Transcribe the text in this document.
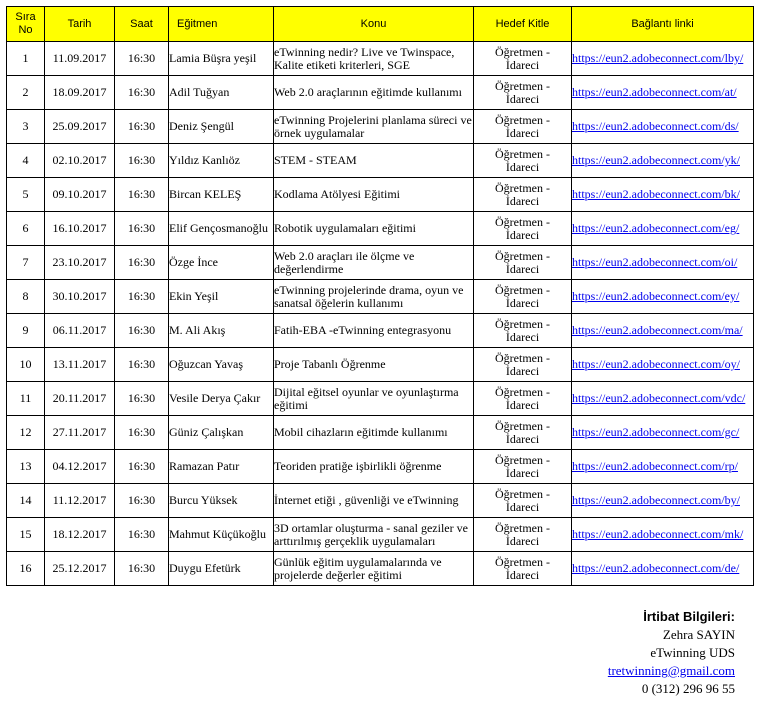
Sıra
No	Tarih	Saat	Eğitmen	Konu	Hedef Kitle	Bağlantı linki
1	11.09.2017	16:30	Lamia Büşra yeşil	eTwinning nedir? Live ve Twinspace, Kalite etiketi kriterleri, SGE	Öğretmen -
İdareci	https://eun2.adobeconnect.com/lby/
2	18.09.2017	16:30	Adil Tuğyan	Web 2.0 araçlarının eğitimde kullanımı	Öğretmen -
İdareci	https://eun2.adobeconnect.com/at/
3	25.09.2017	16:30	Deniz Şengül	eTwinning Projelerini planlama süreci ve örnek uygulamalar	Öğretmen -
İdareci	https://eun2.adobeconnect.com/ds/
4	02.10.2017	16:30	Yıldız Kanlıöz	STEM - STEAM	Öğretmen -
İdareci	https://eun2.adobeconnect.com/yk/
5	09.10.2017	16:30	Bircan KELEŞ	Kodlama Atölyesi Eğitimi	Öğretmen -
İdareci	https://eun2.adobeconnect.com/bk/
6	16.10.2017	16:30	Elif Gençosmanoğlu	Robotik uygulamaları eğitimi	Öğretmen -
İdareci	https://eun2.adobeconnect.com/eg/
7	23.10.2017	16:30	Özge İnce	Web 2.0 araçları ile ölçme ve değerlendirme	Öğretmen -
İdareci	https://eun2.adobeconnect.com/oi/
8	30.10.2017	16:30	Ekin Yeşil	eTwinning projelerinde drama, oyun ve sanatsal öğelerin kullanımı	Öğretmen -
İdareci	https://eun2.adobeconnect.com/ey/
9	06.11.2017	16:30	M. Ali Akış	Fatih-EBA -eTwinning entegrasyonu	Öğretmen -
İdareci	https://eun2.adobeconnect.com/ma/
10	13.11.2017	16:30	Oğuzcan Yavaş	Proje Tabanlı Öğrenme	Öğretmen -
İdareci	https://eun2.adobeconnect.com/oy/
11	20.11.2017	16:30	Vesile Derya Çakır	Dijital eğitsel oyunlar ve oyunlaştırma eğitimi	Öğretmen -
İdareci	https://eun2.adobeconnect.com/vdc/
12	27.11.2017	16:30	Güniz Çalışkan	Mobil cihazların eğitimde kullanımı	Öğretmen -
İdareci	https://eun2.adobeconnect.com/gc/
13	04.12.2017	16:30	Ramazan Patır	Teoriden pratiğe işbirlikli öğrenme	Öğretmen -
İdareci	https://eun2.adobeconnect.com/rp/
14	11.12.2017	16:30	Burcu Yüksek	İnternet etiği , güvenliği ve eTwinning	Öğretmen -
İdareci	https://eun2.adobeconnect.com/by/
15	18.12.2017	16:30	Mahmut Küçükoğlu	3D ortamlar oluşturma - sanal geziler ve arttırılmış gerçeklik uygulamaları	Öğretmen -
İdareci	https://eun2.adobeconnect.com/mk/
16	25.12.2017	16:30	Duygu Efetürk	Günlük eğitim uygulamalarında ve projelerde değerler eğitimi	Öğretmen -
İdareci	https://eun2.adobeconnect.com/de/
İrtibat Bilgileri:
Zehra SAYIN
eTwinning UDS
tretwinning@gmail.com
0 (312) 296 96 55
